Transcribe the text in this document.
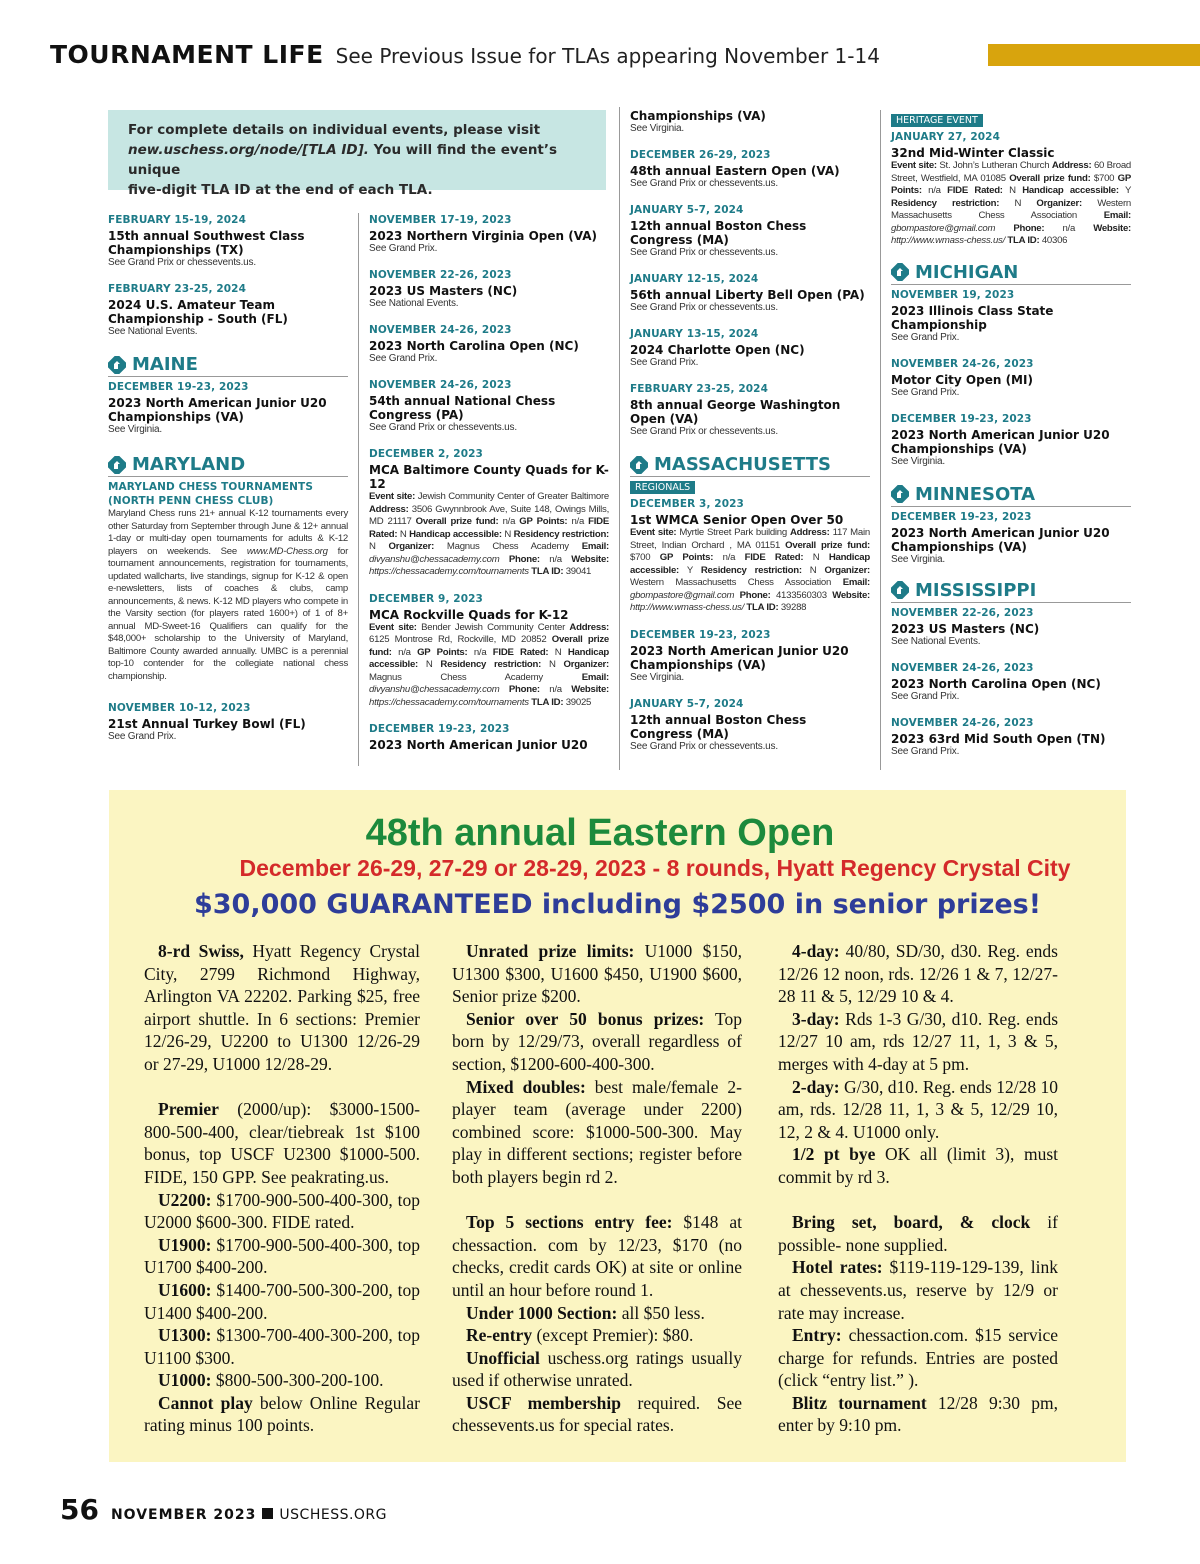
TOURNAMENT LIFE See Previous Issue for TLAs appearing November 1-14
For complete details on individual events, please visit
new.uschess.org/node/[TLA ID]. You will find the event’s unique
five-digit TLA ID at the end of each TLA.
FEBRUARY 15-19, 2024
15th annual Southwest Class Championships (TX)
See Grand Prix or chessevents.us.
FEBRUARY 23-25, 2024
2024 U.S. Amateur Team Championship - South (FL)
See National Events.
MAINE
DECEMBER 19-23, 2023
2023 North American Junior U20 Championships (VA)
See Virginia.
MARYLAND
MARYLAND CHESS TOURNAMENTS (NORTH PENN CHESS CLUB)
Maryland Chess runs 21+ annual K-12 tournaments every other Saturday from September through June & 12+ annual 1-day or multi-day open tournaments for adults & K-12 players on weekends. See www.MD-Chess.org for tournament announcements, registration for tournaments, updated wallcharts, live standings, signup for K-12 & open e-newsletters, lists of coaches & clubs, camp announcements, & news. K-12 MD players who compete in the Varsity section (for players rated 1600+) of 1 of 8+ annual MD-Sweet-16 Qualifiers can qualify for the $48,000+ scholarship to the University of Maryland, Baltimore County awarded annually. UMBC is a perennial top-10 contender for the collegiate national chess championship.
NOVEMBER 10-12, 2023
21st Annual Turkey Bowl (FL)
See Grand Prix.
NOVEMBER 17-19, 2023
2023 Northern Virginia Open (VA)
See Grand Prix.
NOVEMBER 22-26, 2023
2023 US Masters (NC)
See National Events.
NOVEMBER 24-26, 2023
2023 North Carolina Open (NC)
See Grand Prix.
NOVEMBER 24-26, 2023
54th annual National Chess Congress (PA)
See Grand Prix or chessevents.us.
DECEMBER 2, 2023
MCA Baltimore County Quads for K-12
Event site: Jewish Community Center of Greater Baltimore Address: 3506 Gwynnbrook Ave, Suite 148, Owings Mills, MD 21117 Overall prize fund: n/a GP Points: n/a FIDE Rated: N Handicap accessible: N Residency restriction: N Organizer: Magnus Chess Academy Email: divyanshu@chessacademy.com Phone: n/a Website: https://chessacademy.com/tournaments TLA ID: 39041
DECEMBER 9, 2023
MCA Rockville Quads for K-12
Event site: Bender Jewish Community Center Address: 6125 Montrose Rd, Rockville, MD 20852 Overall prize fund: n/a GP Points: n/a FIDE Rated: N Handicap accessible: N Residency restriction: N Organizer: Magnus Chess Academy Email: divyanshu@chessacademy.com Phone: n/a Website: https://chessacademy.com/tournaments TLA ID: 39025
DECEMBER 19-23, 2023
2023 North American Junior U20
Championships (VA)
See Virginia.
DECEMBER 26-29, 2023
48th annual Eastern Open (VA)
See Grand Prix or chessevents.us.
JANUARY 5-7, 2024
12th annual Boston Chess Congress (MA)
See Grand Prix or chessevents.us.
JANUARY 12-15, 2024
56th annual Liberty Bell Open (PA)
See Grand Prix or chessevents.us.
JANUARY 13-15, 2024
2024 Charlotte Open (NC)
See Grand Prix.
FEBRUARY 23-25, 2024
8th annual George Washington Open (VA)
See Grand Prix or chessevents.us.
MASSACHUSETTS
REGIONALS
DECEMBER 3, 2023
1st WMCA Senior Open Over 50
Event site: Myrtle Street Park building Address: 117 Main Street, Indian Orchard , MA 01151 Overall prize fund: $700 GP Points: n/a FIDE Rated: N Handicap accessible: Y Residency restriction: N Organizer: Western Massachusetts Chess Association Email: gbompastore@gmail.com Phone: 4133560303 Website: http://www.wmass-chess.us/ TLA ID: 39288
DECEMBER 19-23, 2023
2023 North American Junior U20 Championships (VA)
See Virginia.
JANUARY 5-7, 2024
12th annual Boston Chess Congress (MA)
See Grand Prix or chessevents.us.
HERITAGE EVENT
JANUARY 27, 2024
32nd Mid-Winter Classic
Event site: St. John’s Lutheran Church Address: 60 Broad Street, Westfield, MA 01085 Overall prize fund: $700 GP Points: n/a FIDE Rated: N Handicap accessible: Y Residency restriction: N Organizer: Western Massachusetts Chess Association Email: gbompastore@gmail.com Phone: n/a Website: http://www.wmass-chess.us/ TLA ID: 40306
MICHIGAN
NOVEMBER 19, 2023
2023 Illinois Class State Championship
See Grand Prix.
NOVEMBER 24-26, 2023
Motor City Open (MI)
See Grand Prix.
DECEMBER 19-23, 2023
2023 North American Junior U20 Championships (VA)
See Virginia.
MINNESOTA
DECEMBER 19-23, 2023
2023 North American Junior U20 Championships (VA)
See Virginia.
MISSISSIPPI
NOVEMBER 22-26, 2023
2023 US Masters (NC)
See National Events.
NOVEMBER 24-26, 2023
2023 North Carolina Open (NC)
See Grand Prix.
NOVEMBER 24-26, 2023
2023 63rd Mid South Open (TN)
See Grand Prix.
48th annual Eastern Open
December 26-29, 27-29 or 28-29, 2023 - 8 rounds, Hyatt Regency Crystal City
$30,000 GUARANTEED including $2500 in senior prizes!

8-rd Swiss, Hyatt Regency Crystal City, 2799 Richmond Highway, Arlington VA 22202. Parking $25, free airport shuttle. In 6 sections: Premier 12/26-29, U2200 to U1300 12/26-29 or 27-29, U1000 12/28-29.

Premier (2000/up): $3000-1500-800-500-400, clear/tiebreak 1st $100 bonus, top USCF U2300 $1000-500. FIDE, 150 GPP. See peakrating.us.

U2200: $1700-900-500-400-300, top U2000 $600-300. FIDE rated.

U1900: $1700-900-500-400-300, top U1700 $400-200.

U1600: $1400-700-500-300-200, top U1400 $400-200.

U1300: $1300-700-400-300-200, top U1100 $300.

U1000: $800-500-300-200-100.

Cannot play below Online Regular rating minus 100 points.

Unrated prize limits: U1000 $150, U1300 $300, U1600 $450, U1900 $600, Senior prize $200.

Senior over 50 bonus prizes: Top born by 12/29/73, overall regardless of section, $1200-600-400-300.

Mixed doubles: best male/female 2-player team (average under 2200) combined score: $1000-500-300. May play in different sections; register before both players begin rd 2.

Top 5 sections entry fee: $148 at chessaction. com by 12/23, $170 (no checks, credit cards OK) at site or online until an hour before round 1.

Under 1000 Section: all $50 less.

Re-entry (except Premier): $80.

Unofficial uschess.org ratings usually used if otherwise unrated.

USCF membership required. See chessevents.us for special rates.

4-day: 40/80, SD/30, d30. Reg. ends 12/26 12 noon, rds. 12/26 1 & 7, 12/27-28 11 & 5, 12/29 10 & 4.

3-day: Rds 1-3 G/30, d10. Reg. ends 12/27 10 am, rds 12/27 11, 1, 3 & 5, merges with 4-day at 5 pm.

2-day: G/30, d10. Reg. ends 12/28 10 am, rds. 12/28 11, 1, 3 & 5, 12/29 10, 12, 2 & 4. U1000 only.

1/2 pt bye OK all (limit 3), must commit by rd 3.

Bring set, board, & clock if possible- none supplied.

Hotel rates: $119-119-129-139, link at chessevents.us, reserve by 12/9 or rate may increase.

Entry: chessaction.com. $15 service charge for refunds. Entries are posted (click “entry list.” ).

Blitz tournament 12/28 9:30 pm, enter by 9:10 pm.

56 NOVEMBER 2023 USCHESS.ORG
